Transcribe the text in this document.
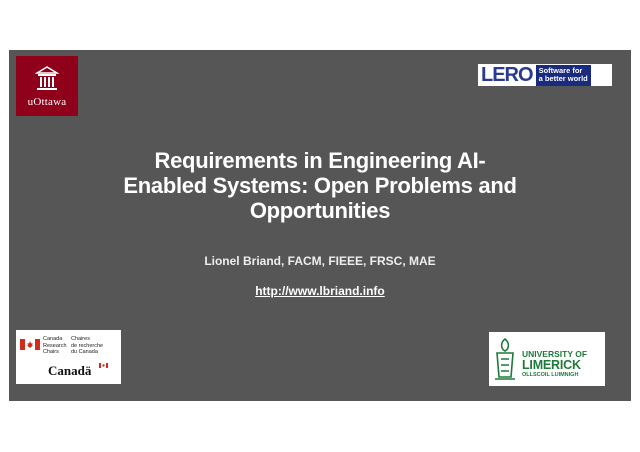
uOttawa
LERO Software for
a better world
Requirements in Engineering AI-
Enabled Systems: Open Problems and
Opportunities
Lionel Briand, FACM, FIEEE, FRSC, MAE
http://www.lbriand.info
Canada
Research
Chairs
Chaires
de recherche
du Canada
Canadä
UNIVERSITY OF
LIMERICK
OLLSCOIL LUIMNIGH
